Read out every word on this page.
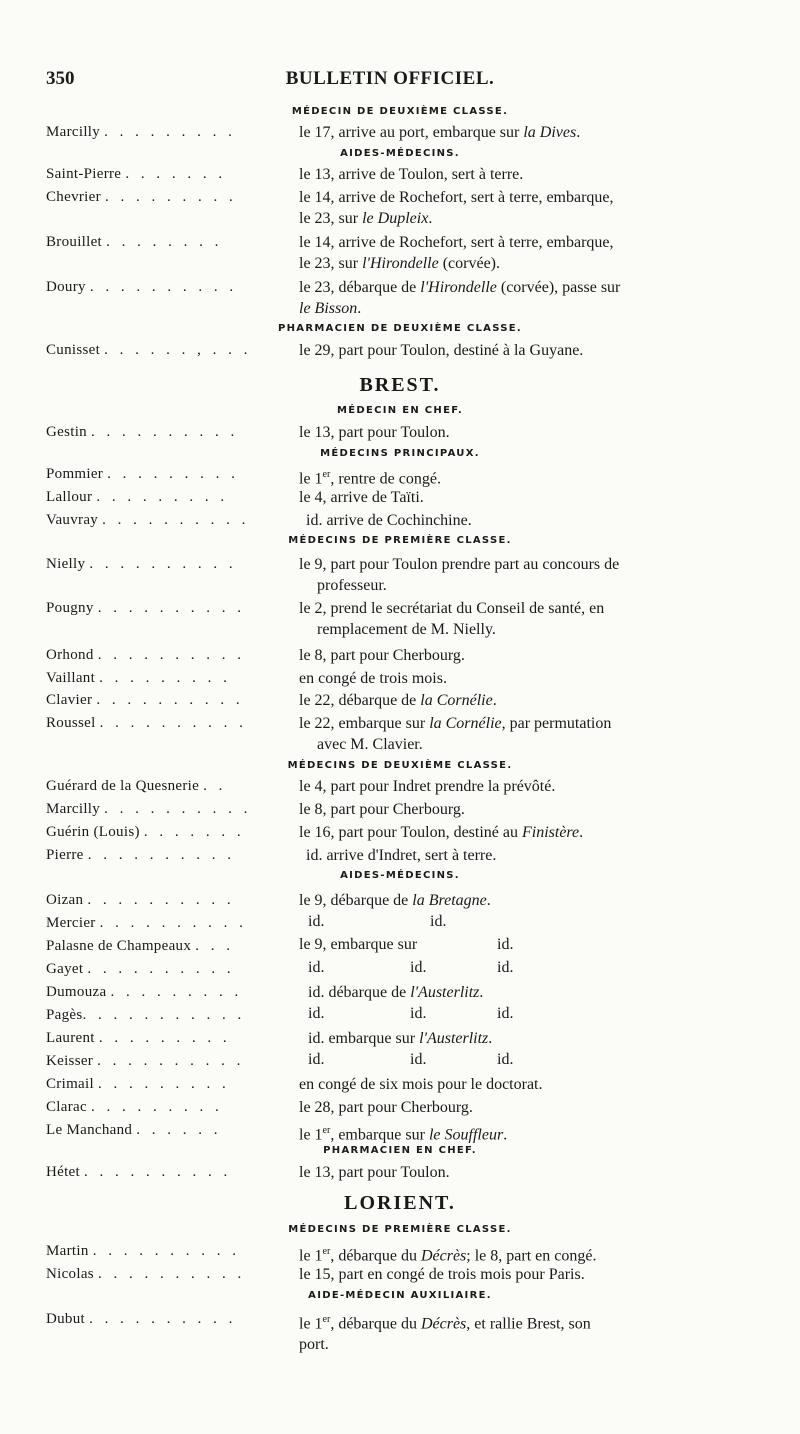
350	BULLETIN OFFICIEL.
MÉDECIN DE DEUXIÈME CLASSE.
Marcilly . . . . . . . . .	le 17, arrive au port, embarque sur la Dives.
AIDES-MÉDECINS.
Saint-Pierre . . . . . . .	le 13, arrive de Toulon, sert à terre.
Chevrier . . . . . . . . .	le 14, arrive de Rochefort, sert à terre, embarque,
le 23, sur le Dupleix.
Brouillet . . . . . . . .	le 14, arrive de Rochefort, sert à terre, embarque,
le 23, sur l'Hirondelle (corvée).
Doury . . . . . . . . . .	le 23, débarque de l'Hirondelle (corvée), passe sur
le Bisson.
PHARMACIEN DE DEUXIÈME CLASSE.
Cunisset . . . . . . , . . .	le 29, part pour Toulon, destiné à la Guyane.
BREST.
MÉDECIN EN CHEF.
Gestin . . . . . . . . . .	le 13, part pour Toulon.
MÉDECINS PRINCIPAUX.
Pommier . . . . . . . . .	le 1er, rentre de congé.
Lallour . . . . . . . . .	le 4, arrive de Taïti.
Vauvray . . . . . . . . . .	id. arrive de Cochinchine.
MÉDECINS DE PREMIÈRE CLASSE.
Nielly . . . . . . . . . .	le 9, part pour Toulon prendre part au concours de
professeur.
Pougny . . . . . . . . . .	le 2, prend le secrétariat du Conseil de santé, en
remplacement de M. Nielly.
Orhond . . . . . . . . . .	le 8, part pour Cherbourg.
Vaillant . . . . . . . . .	en congé de trois mois.
Clavier . . . . . . . . . .	le 22, débarque de la Cornélie.
Roussel . . . . . . . . . .	le 22, embarque sur la Cornélie, par permutation
avec M. Clavier.
MÉDECINS DE DEUXIÈME CLASSE.
Guérard de la Quesnerie . .	le 4, part pour Indret prendre la prévôté.
Marcilly . . . . . . . . . .	le 8, part pour Cherbourg.
Guérin (Louis) . . . . . . .	le 16, part pour Toulon, destiné au Finistère.
Pierre . . . . . . . . . .	id. arrive d'Indret, sert à terre.
AIDES-MÉDECINS.
Oizan . . . . . . . . . .	le 9, débarque de la Bretagne.
Mercier . . . . . . . . . .	id.	id.
Palasne de Champeaux . . .	le 9, embarque sur	id.
Gayet . . . . . . . . . .	id.	id.	id.
Dumouza . . . . . . . . .	id. débarque de l'Austerlitz.
Pagès. . . . . . . . . . .	id.	id.	id.
Laurent . . . . . . . . .	id. embarque sur l'Austerlitz.
Keisser . . . . . . . . . .	id.	id.	id.
Crimail . . . . . . . . .	en congé de six mois pour le doctorat.
Clarac . . . . . . . . .	le 28, part pour Cherbourg.
Le Manchand . . . . . .	le 1er, embarque sur le Souffleur.
PHARMACIEN EN CHEF.
Hétet . . . . . . . . . .	le 13, part pour Toulon.
LORIENT.
MÉDECINS DE PREMIÈRE CLASSE.
Martin . . . . . . . . . .	le 1er, débarque du Décrès; le 8, part en congé.
Nicolas . . . . . . . . . .	le 15, part en congé de trois mois pour Paris.
AIDE-MÉDECIN AUXILIAIRE.
Dubut . . . . . . . . . .	le 1er, débarque du Décrès, et rallie Brest, son
port.
